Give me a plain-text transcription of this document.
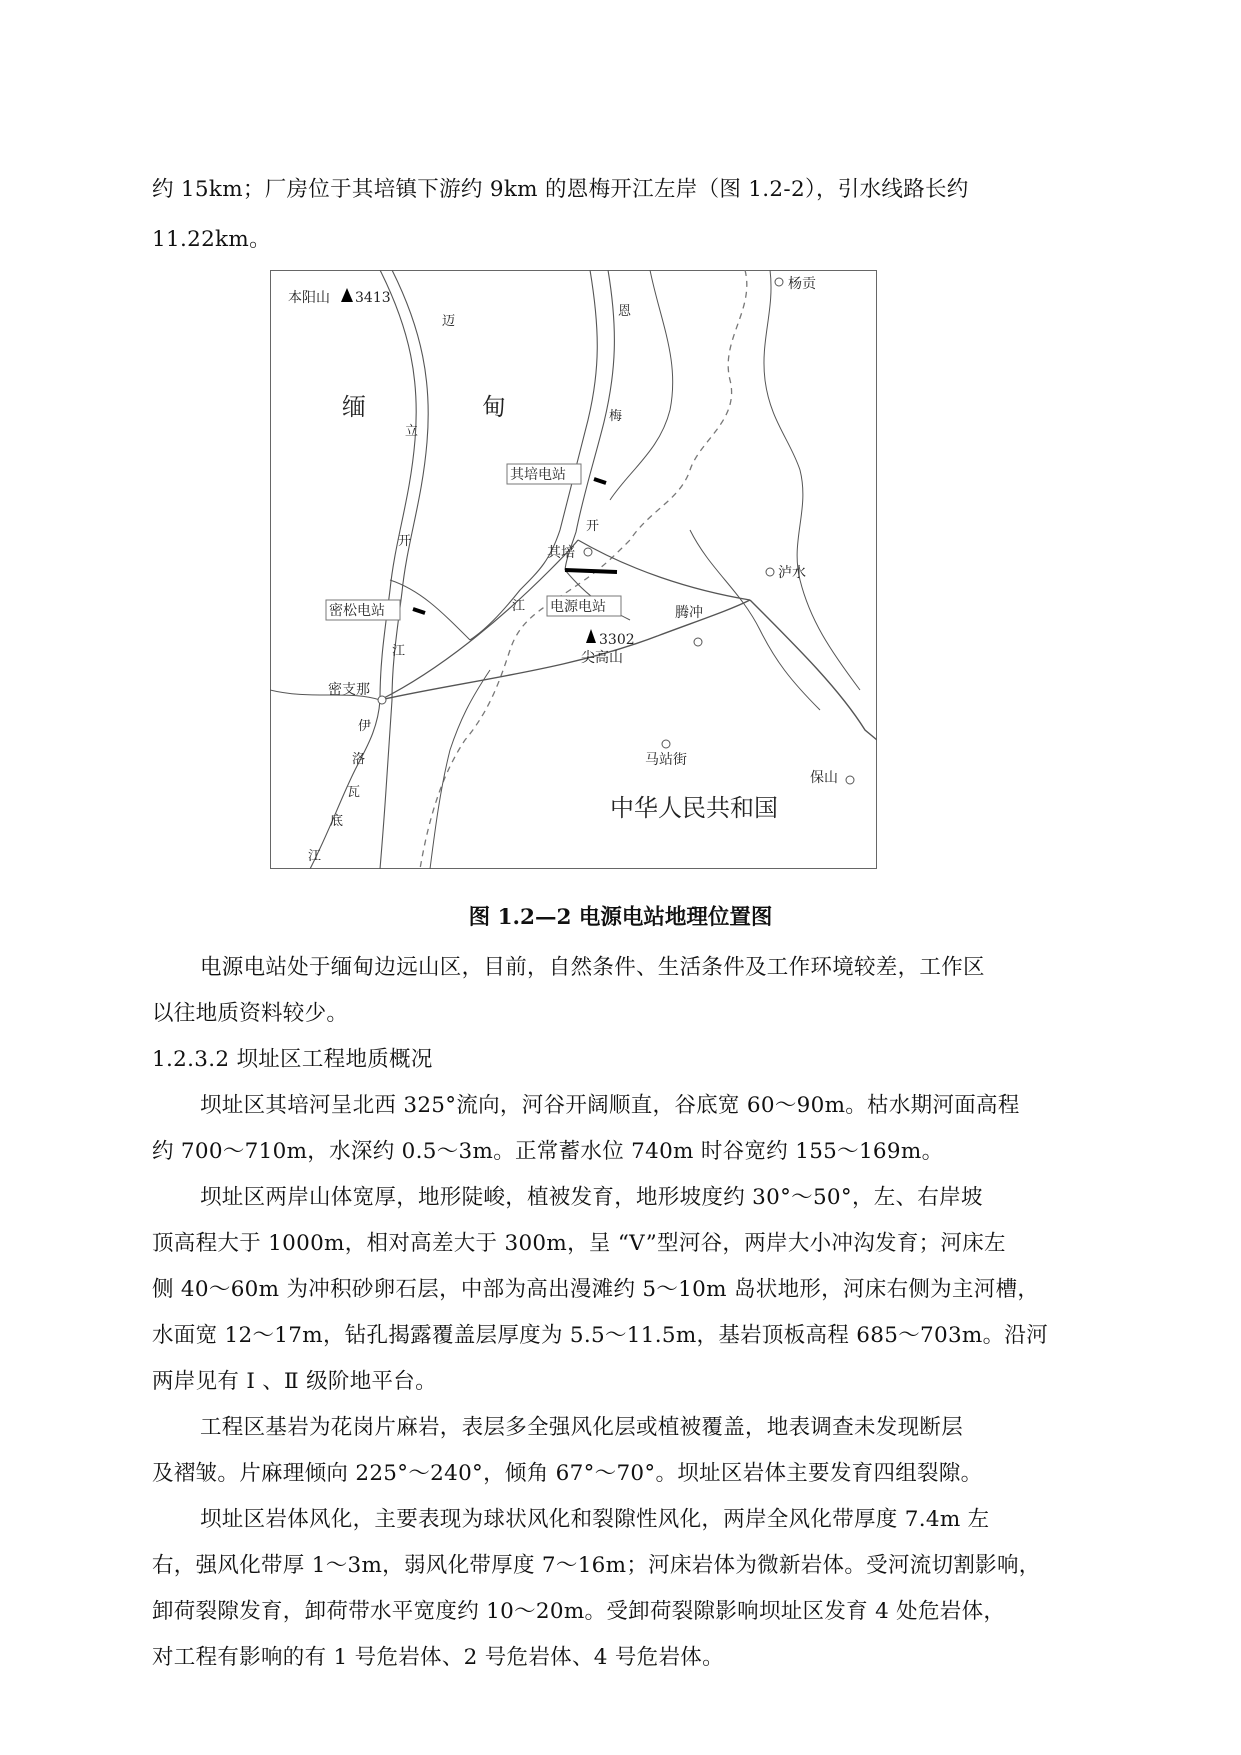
约 15km；厂房位于其培镇下游约 9km 的恩梅开江左岸（图 1.2-2），引水线路长约
11.22km。
本阳山 3413
杨贡
缅	甸
其培电站
其培
泸水
电源电站
密松电站	腾冲
3302
尖高山
密支那
马站街
保山
中华人民共和国
迈
立
开
江
恩
梅
开
江
伊
洛
瓦
底
江
图 1.2—2 电源电站地理位置图
电源电站处于缅甸边远山区，目前，自然条件、生活条件及工作环境较差，工作区
以往地质资料较少。
1.2.3.2 坝址区工程地质概况
坝址区其培河呈北西 325°流向，河谷开阔顺直，谷底宽 60～90m。枯水期河面高程
约 700～710m，水深约 0.5～3m。正常蓄水位 740m 时谷宽约 155～169m。
坝址区两岸山体宽厚，地形陡峻，植被发育，地形坡度约 30°～50°，左、右岸坡
顶高程大于 1000m，相对高差大于 300m，呈 “V”型河谷，两岸大小冲沟发育；河床左
侧 40～60m 为冲积砂卵石层，中部为高出漫滩约 5～10m 岛状地形，河床右侧为主河槽，
水面宽 12～17m，钻孔揭露覆盖层厚度为 5.5～11.5m，基岩顶板高程 685～703m。沿河
两岸见有 Ⅰ 、Ⅱ 级阶地平台。
工程区基岩为花岗片麻岩，表层多全强风化层或植被覆盖，地表调查未发现断层
及褶皱。片麻理倾向 225°～240°，倾角 67°～70°。坝址区岩体主要发育四组裂隙。
坝址区岩体风化，主要表现为球状风化和裂隙性风化，两岸全风化带厚度 7.4m 左
右，强风化带厚 1～3m，弱风化带厚度 7～16m；河床岩体为微新岩体。受河流切割影响，
卸荷裂隙发育，卸荷带水平宽度约 10～20m。受卸荷裂隙影响坝址区发育 4 处危岩体，
对工程有影响的有 1 号危岩体、2 号危岩体、4 号危岩体。
